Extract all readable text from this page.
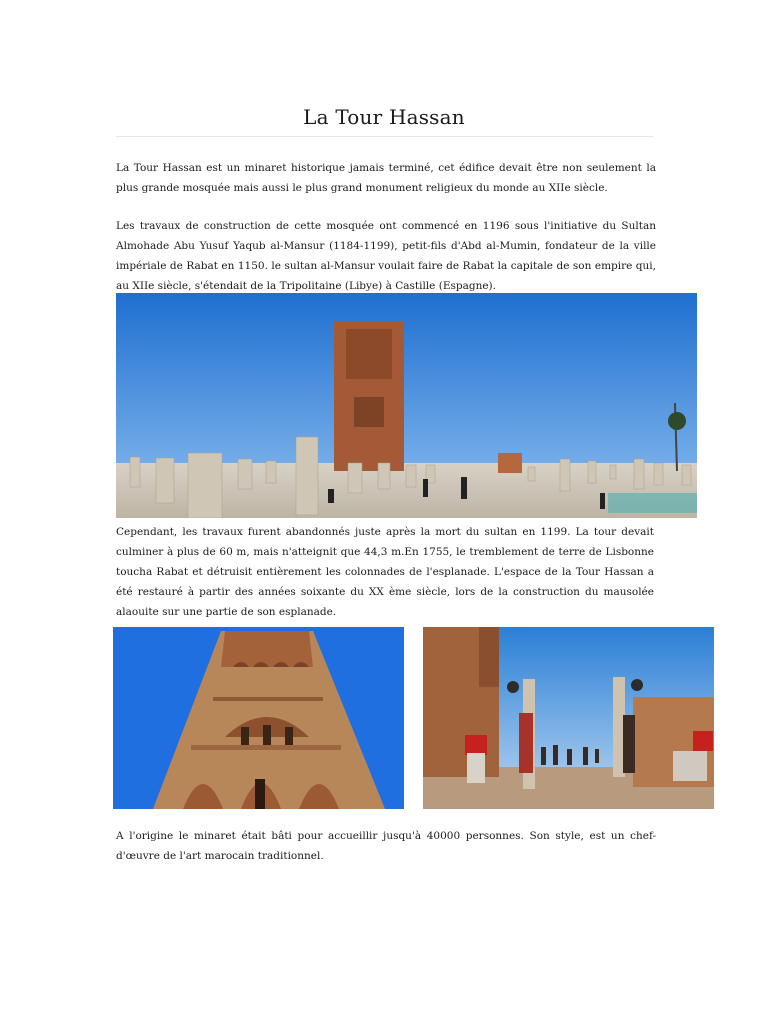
La Tour Hassan

La Tour Hassan est un minaret historique jamais terminé, cet édifice devait être non seulement la plus grande mosquée mais aussi le plus grand monument religieux du monde au XIIe siècle.

Les travaux de construction de cette mosquée ont commencé en 1196 sous l'initiative du Sultan Almohade Abu Yusuf Yaqub al-Mansur (1184-1199), petit-fils d'Abd al-Mumin, fondateur de la ville impériale de Rabat en 1150. le sultan al-Mansur voulait faire de Rabat la capitale de son empire qui, au XIIe siècle, s'étendait de la Tripolitaine (Libye) à Castille (Espagne).

Cependant, les travaux furent abandonnés juste après la mort du sultan en 1199. La tour devait culminer à plus de 60 m, mais n'atteignit que 44,3 m.En 1755, le tremblement de terre de Lisbonne toucha Rabat et détruisit entièrement les colonnades de l'esplanade. L'espace de la Tour Hassan a été restauré à partir des années soixante du XX ème siècle, lors de la construction du mausolée alaouite sur une partie de son esplanade.

A l'origine le minaret était bâti pour accueillir jusqu'à 40000 personnes. Son style, est un chef-d'œuvre de l'art marocain traditionnel.
